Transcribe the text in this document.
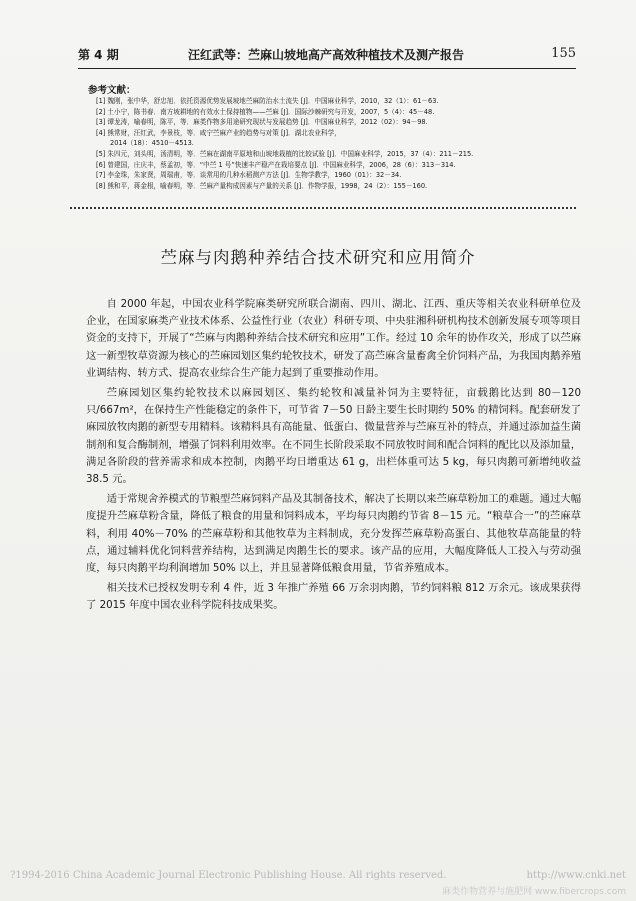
第 4 期	汪红武等：苎麻山坡地高产高效种植技术及测产报告	155
参考文献：
[1] 魏刚，张中华，舒忠旭．依托资源优势发展坡地苎麻防治水土流失 [J]．中国麻业科学，2010，32（1）：61－63.
[2] 土小宁，陈书春．南方坡耕地的有效水土保持植物——苎麻 [J]．国际沙棘研究与开发，2007，5（4）：45－48.
[3] 谭龙涛，喻春明，陈平，等．麻类作物多用途研究现状与发展趋势 [J]．中国麻业科学，2012（02）：94－98.
[4] 熊常财，汪红武，李景枝，等．咸宁苎麻产业的趋势与对策 [J]．湖北农业科学，
2014（18）：4510－4513.
[5] 朱四元，刘头明，汤清明，等．苎麻在湖南平原地和山坡地栽植的比较试验 [J]．中国麻业科学，2015，37（4）：211－215.
[6] 曾建国，庄庆丰，蔡孟初，等．“中苎 1 号”快速丰产稳产在栽培要点 [J]．中国麻业科学，2006，28（6）：313－314.
[7] 李金珠，朱家贤，周瑞甫，等．谈常用的几种水稻测产方法 [J]．生物学教学，1960（01）：32－34.
[8] 熊和平，蒋金根，喻春明，等．苎麻产量构成因素与产量的关系 [J]．作物学报，1998，24（2）：155－160.
苎麻与肉鹅种养结合技术研究和应用简介

自 2000 年起，中国农业科学院麻类研究所联合湖南、四川、湖北、江西、重庆等相关农业科研单位及企业，在国家麻类产业技术体系、公益性行业（农业）科研专项、中央驻湘科研机构技术创新发展专项等项目资金的支持下，开展了“苎麻与肉鹅种养结合技术研究和应用”工作。经过 10 余年的协作攻关，形成了以苎麻这一新型牧草资源为核心的苎麻园划区集约轮牧技术，研发了高苎麻含量畜禽全价饲料产品，为我国肉鹅养殖业调结构、转方式、提高农业综合生产能力起到了重要推动作用。

苎麻园划区集约轮牧技术以麻园划区、集约轮牧和减量补饲为主要特征，亩载鹅比达到 80－120 只/667m²，在保持生产性能稳定的条件下，可节省 7－50 日龄主要生长时期约 50% 的精饲料。配套研发了麻园放牧肉鹅的新型专用精料。该精料具有高能量、低蛋白、微量营养与苎麻互补的特点，并通过添加益生菌制剂和复合酶制剂，增强了饲料利用效率。在不同生长阶段采取不同放牧时间和配合饲料的配比以及添加量，满足各阶段的营养需求和成本控制，肉鹅平均日增重达 61 g，出栏体重可达 5 kg，每只肉鹅可新增纯收益 38.5 元。

适于常规舍养模式的节粮型苎麻饲料产品及其制备技术，解决了长期以来苎麻草粉加工的难题。通过大幅度提升苎麻草粉含量，降低了粮食的用量和饲料成本，平均每只肉鹅约节省 8－15 元。“粮草合一”的苎麻草料，利用 40%－70% 的苎麻草粉和其他牧草为主料制成，充分发挥苎麻草粉高蛋白、其他牧草高能量的特点，通过辅料优化饲料营养结构，达到满足肉鹅生长的要求。该产品的应用，大幅度降低人工投入与劳动强度，每只肉鹅平均利润增加 50% 以上，并且显著降低粮食用量，节省养殖成本。

相关技术已授权发明专利 4 件，近 3 年推广养殖 66 万余羽肉鹅，节约饲料粮 812 万余元。该成果获得了 2015 年度中国农业科学院科技成果奖。

?1994-2016 China Academic Journal Electronic Publishing House. All rights reserved.	http://www.cnki.net
麻类作物营养与施肥网 www.fibercrops.com
